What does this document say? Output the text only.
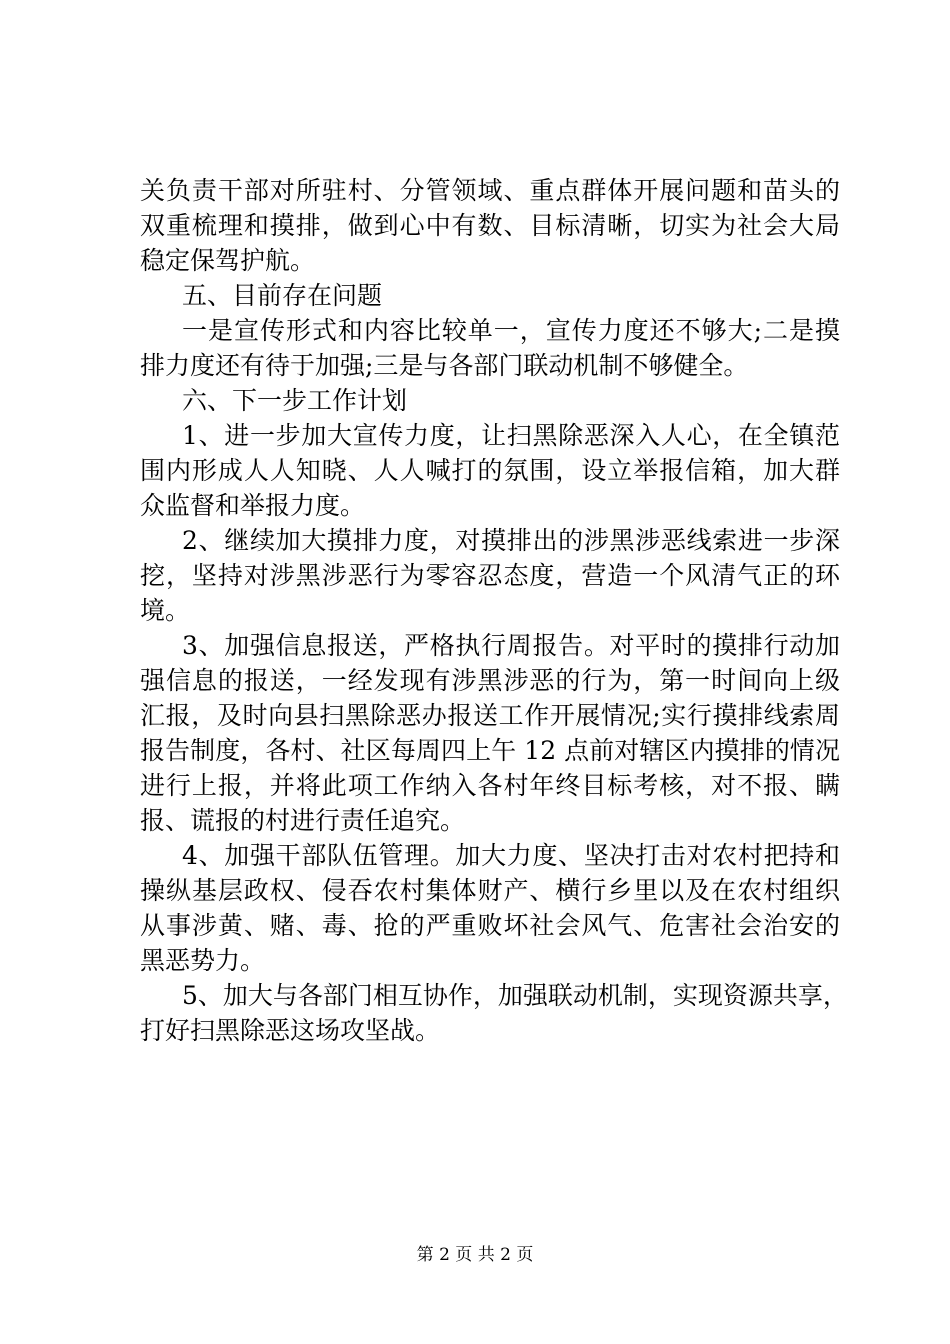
关负责干部对所驻村、分管领域、重点群体开展问题和苗头的
双重梳理和摸排，做到心中有数、目标清晰，切实为社会大局
稳定保驾护航。
五、目前存在问题
一是宣传形式和内容比较单一，宣传力度还不够大;二是摸
排力度还有待于加强;三是与各部门联动机制不够健全。
六、下一步工作计划
1、进一步加大宣传力度，让扫黑除恶深入人心，在全镇范
围内形成人人知晓、人人喊打的氛围，设立举报信箱，加大群
众监督和举报力度。
2、继续加大摸排力度，对摸排出的涉黑涉恶线索进一步深
挖，坚持对涉黑涉恶行为零容忍态度，营造一个风清气正的环
境。
3、加强信息报送，严格执行周报告。对平时的摸排行动加
强信息的报送，一经发现有涉黑涉恶的行为，第一时间向上级
汇报，及时向县扫黑除恶办报送工作开展情况;实行摸排线索周
报告制度，各村、社区每周四上午 12 点前对辖区内摸排的情况
进行上报，并将此项工作纳入各村年终目标考核，对不报、瞒
报、谎报的村进行责任追究。
4、加强干部队伍管理。加大力度、坚决打击对农村把持和
操纵基层政权、侵吞农村集体财产、横行乡里以及在农村组织
从事涉黄、赌、毒、抢的严重败坏社会风气、危害社会治安的
黑恶势力。
5、加大与各部门相互协作，加强联动机制，实现资源共享，
打好扫黑除恶这场攻坚战。
第 2 页 共 2 页
